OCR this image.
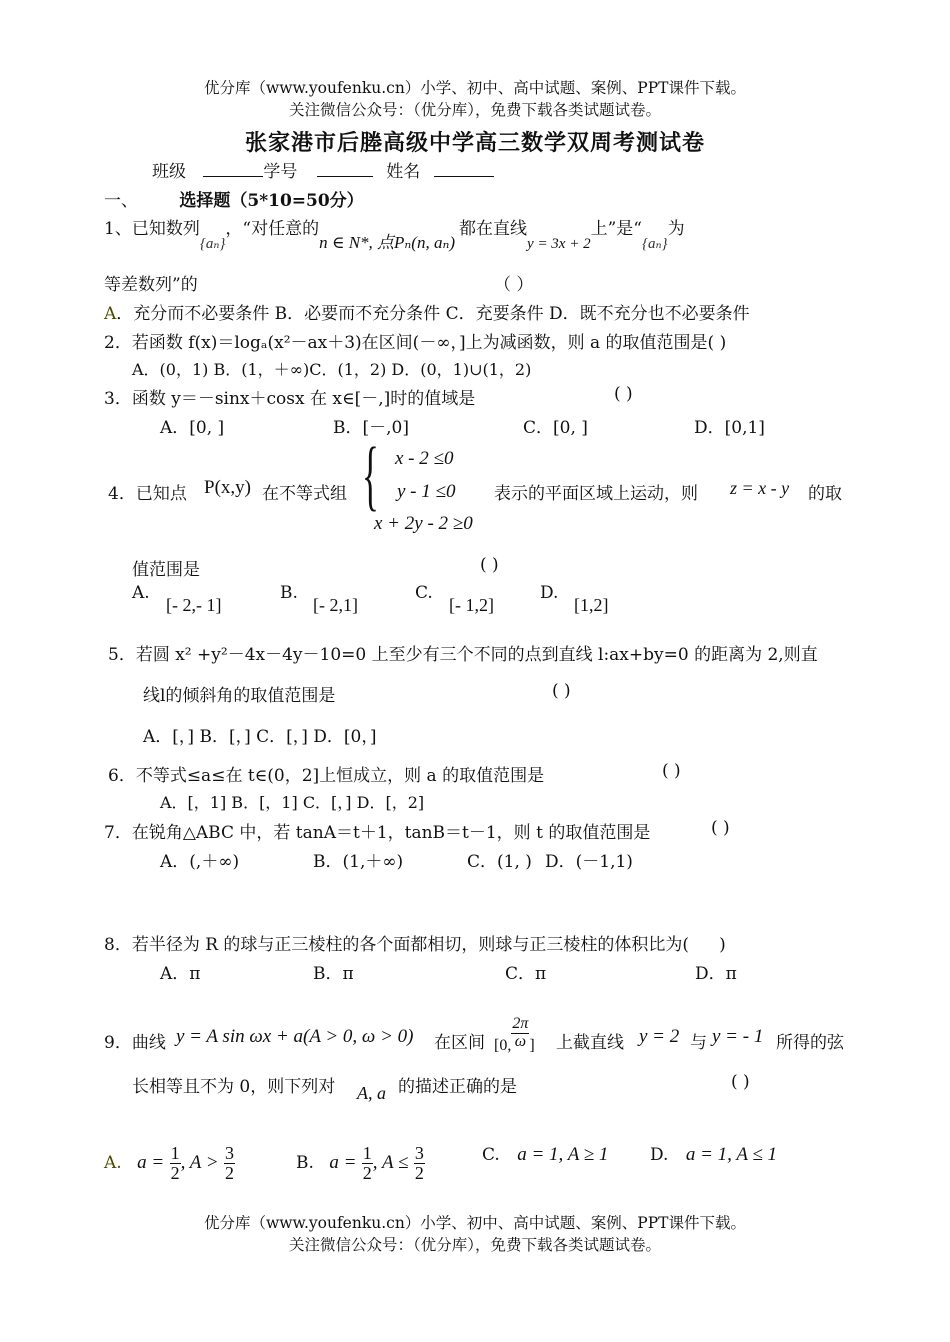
优分库（www.youfenku.cn）小学、初中、高中试题、案例、PPT课件下载。
关注微信公众号：（优分库），免费下载各类试题试卷。
张家港市后塍高级中学高三数学双周考测试卷
班级	学号	姓名
一、 选择题（5*10=50分）
1、已知数列{aₙ}，“对任意的n ∈ N*, 点Pₙ(n, aₙ)都在直线y = 3x + 2上”是“{aₙ}为
等差数列”的	（ ）
A．充分而不必要条件 B．必要而不充分条件 C．充要条件 D．既不充分也不必要条件
2．若函数 f(x)＝logₐ(x²－ax＋3)在区间(－∞，]上为减函数，则 a 的取值范围是( )
A．(0，1) B．(1，＋∞)C．(1，2) D．(0，1)∪(1，2)
3．函数 y＝－sinx＋cosx 在 x∈[－,]时的值域是	( )
A．[0, ]	B．[－,0]	C．[0, ]	D．[0,1]
4．已知点 P(x,y) 在不等式组 { x - 2 ≤0
y - 1 ≤0
x + 2y - 2 ≥0
表示的平面区域上运动，则 z = x - y 的取
值范围是	( )
A.
[- 2,- 1]
B.
[- 2,1]
C.
[- 1,2]
D.
[1,2]
5．若圆 x² +y²－4x－4y－10=0 上至少有三个不同的点到直线 l:ax+by=0 的距离为 2,则直
线l的倾斜角的取值范围是	( )
A．[，] B．[，] C．[，] D．[0，]
6．不等式≤a≤在 t∈(0，2]上恒成立，则 a 的取值范围是	( )
A．[，1] B．[，1] C．[，] D．[，2]
7．在锐角△ABC 中，若 tanA＝t＋1，tanB＝t－1，则 t 的取值范围是	( )
A．(,＋∞)	B．(1,＋∞)	C．(1, ) D．(－1,1)
8．若半径为 R 的球与正三棱柱的各个面都相切，则球与正三棱柱的体积比为( )
A．π	B．π	C．π	D．π
9．曲线 y = A sin ωx + a(A > 0, ω > 0) 在区间 [0, $\frac{2\pi}{\omega}$ ] 上截直线 y = 2 与 y = - 1 所得的弦
长相等且不为 0，则下列对 A, a 的描述正确的是	( )
A. $a = \frac{1}{2}$ , $A > \frac{3}{2}$	B. $a = \frac{1}{2}$ , $A \le \frac{3}{2}$	C. a = 1, A ≥ 1 D. a = 1, A ≤ 1
优分库（www.youfenku.cn）小学、初中、高中试题、案例、PPT课件下载。
关注微信公众号：（优分库），免费下载各类试题试卷。
